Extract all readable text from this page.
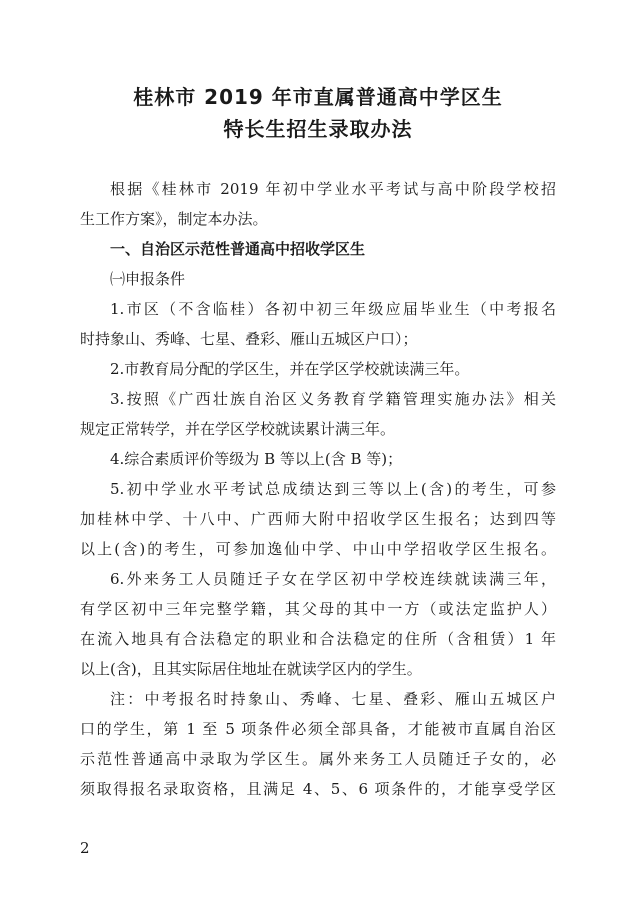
桂林市 2019 年市直属普通高中学区生
特长生招生录取办法
根据《桂林市 2019 年初中学业水平考试与高中阶段学校招
生工作方案》，制定本办法。
一、自治区示范性普通高中招收学区生
㈠申报条件
1.市区（不含临桂）各初中初三年级应届毕业生（中考报名
时持象山、秀峰、七星、叠彩、雁山五城区户口）；
2.市教育局分配的学区生，并在学区学校就读满三年。
3.按照《广西壮族自治区义务教育学籍管理实施办法》相关
规定正常转学，并在学区学校就读累计满三年。
4.综合素质评价等级为 B 等以上(含 B 等)；
5.初中学业水平考试总成绩达到三等以上(含)的考生，可参
加桂林中学、十八中、广西师大附中招收学区生报名；达到四等
以上(含)的考生，可参加逸仙中学、中山中学招收学区生报名。
6.外来务工人员随迁子女在学区初中学校连续就读满三年，
有学区初中三年完整学籍，其父母的其中一方（或法定监护人）
在流入地具有合法稳定的职业和合法稳定的住所（含租赁）1 年
以上(含)，且其实际居住地址在就读学区内的学生。
注：中考报名时持象山、秀峰、七星、叠彩、雁山五城区户
口的学生，第 1 至 5 项条件必须全部具备，才能被市直属自治区
示范性普通高中录取为学区生。属外来务工人员随迁子女的，必
须取得报名录取资格，且满足 4、5、6 项条件的，才能享受学区
2
